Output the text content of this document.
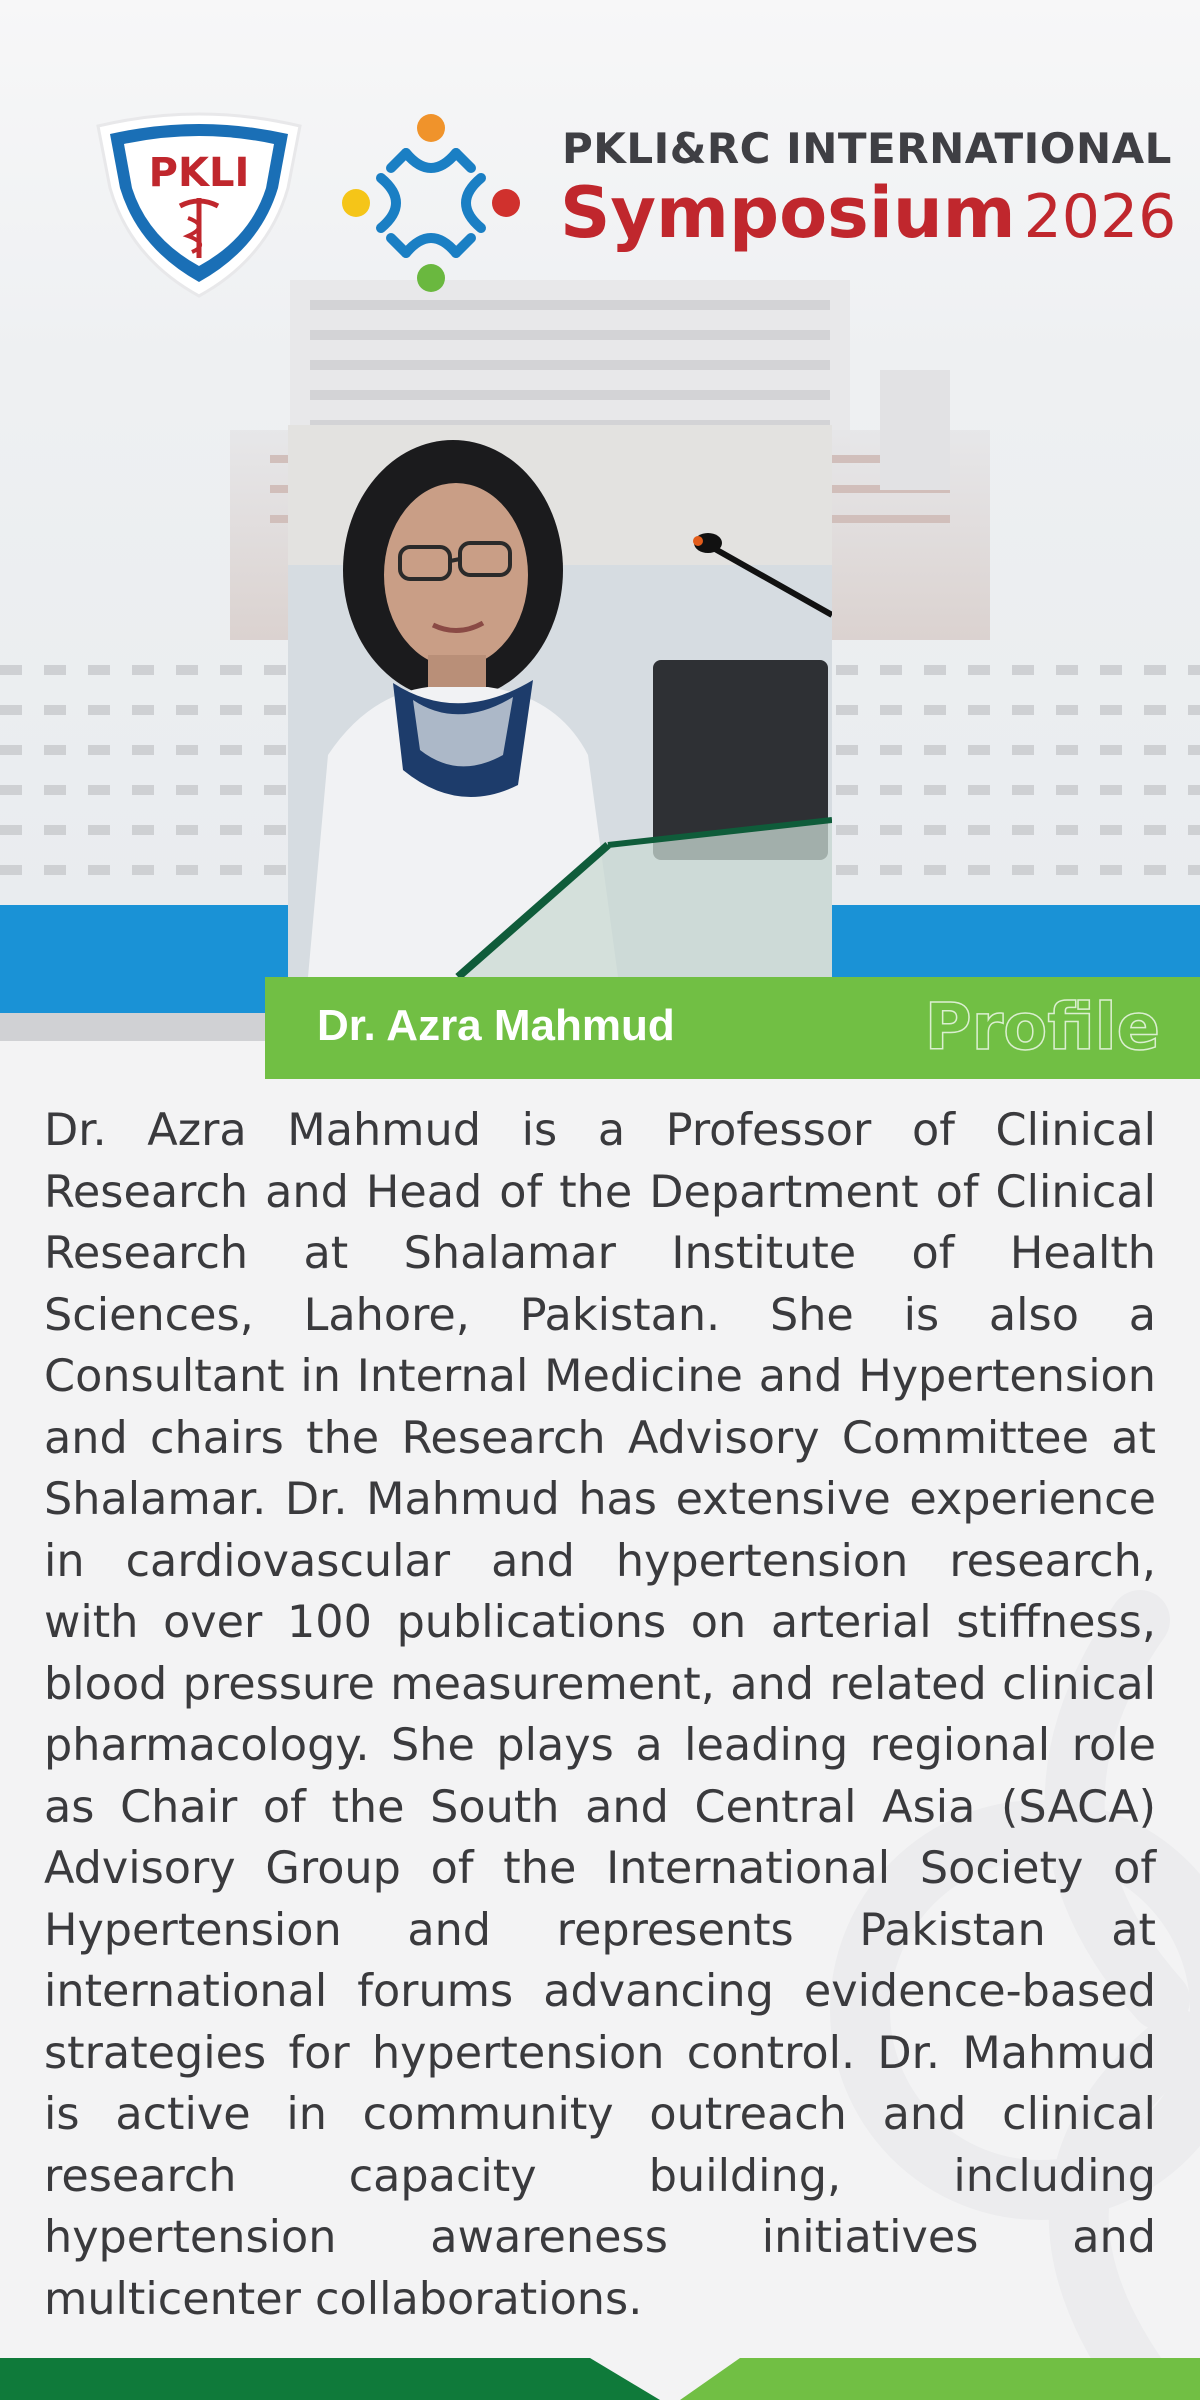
PKLI	PKLI&RC INTERNATIONAL
Symposium 2026
Dr. Azra Mahmud	Profile

Dr. Azra Mahmud is a Professor of Clinical Research and Head of the Department of Clinical Research at Shalamar Institute of Health Sciences, Lahore, Pakistan. She is also a Consultant in Internal Medicine and Hypertension and chairs the Research Advisory Committee at Shalamar. Dr. Mahmud has extensive experience in cardiovascular and hypertension research, with over 100 publications on arterial stiffness, blood pressure measurement, and related clinical pharmacology. She plays a leading regional role as Chair of the South and Central Asia (SACA) Advisory Group of the International Society of Hypertension and represents Pakistan at international forums advancing evidence-based strategies for hypertension control. Dr. Mahmud is active in community outreach and clinical research capacity building, including hypertension awareness initiatives and multicenter collaborations.
